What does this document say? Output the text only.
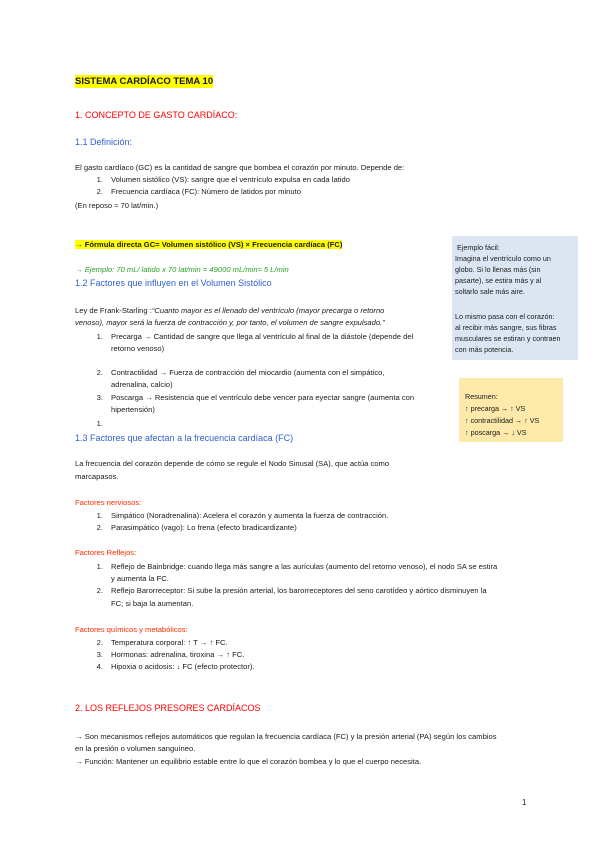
SISTEMA CARDÍACO TEMA 10
1. CONCEPTO DE GASTO CARDÍACO:
1.1 Definición:
El gasto cardíaco (GC) es la cantidad de sangre que bombea el corazón por minuto. Depende de:
1. Volumen sistólico (VS): sangre que el ventrículo expulsa en cada latido
2. Frecuencia cardíaca (FC): Número de latidos por minuto
(En reposo ≈ 70 lat/min.)
→ Fórmula directa GC= Volumen sistólico (VS) × Frecuencia cardíaca (FC)
→ Ejemplo: 70 mL/ latido x 70 lat/min = 49000 mL/min≈ 5 L/min
1.2 Factores que influyen en el Volumen Sistólico
Ley de Frank-Starling :“Cuanto mayor es el llenado del ventrículo (mayor precarga o retorno
venoso), mayor será la fuerza de contracción y, por tanto, el volumen de sangre expulsado.”
1. Precarga → Cantidad de sangre que llega al ventrículo al final de la diástole (depende del
retorno venoso)
2. Contractilidad → Fuerza de contracción del miocardio (aumenta con el simpático,
adrenalina, calcio)
3. Poscarga → Resistencia que el ventrículo debe vencer para eyectar sangre (aumenta con
hipertensión)
1.
1.3 Factores que afectan a la frecuencia cardíaca (FC)
La frecuencia del corazón depende de cómo se regule el Nodo Sinusal (SA), que actúa como
marcapasos.
Factores nerviosos:
1. Simpático (Noradrenalina): Acelera el corazón y aumenta la fuerza de contracción.
2. Parasimpático (vago): Lo frena (efecto bradicardizante)
Factores Reflejos:
1. Reflejo de Bainbridge: cuando llega más sangre a las aurículas (aumento del retorno venoso), el nodo SA se estira
y aumenta la FC.
2. Reflejo Barorreceptor: Si sube la presión arterial, los barorreceptores del seno carotídeo y aórtico disminuyen la
FC; si baja la aumentan.
Factores químicos y metabólicos:
2. Temperatura corporal: ↑ T → ↑ FC.
3. Hormonas: adrenalina, tiroxina → ↑ FC.
4. Hipoxia o acidosis: ↓ FC (efecto protector).
2. LOS REFLEJOS PRESORES CARDÍACOS
→ Son mecanismos reflejos automáticos que regulan la frecuencia cardíaca (FC) y la presión arterial (PA) según los cambios
en la presión o volumen sanguíneo.
→ Función: Mantener un equilibrio estable entre lo que el corazón bombea y lo que el cuerpo necesita.
Ejemplo fácil:
Imagina el ventrículo como un
globo. Si lo llenas más (sin
pasarte), se estira más y al
soltarlo sale más aire.
Lo mismo pasa con el corazón:
al recibir más sangre, sus fibras
musculares se estiran y contraen
con más potencia.
Resumen:
↑ precarga → ↑ VS
↑ contractilidad → ↑ VS
↑ poscarga → ↓ VS
1
